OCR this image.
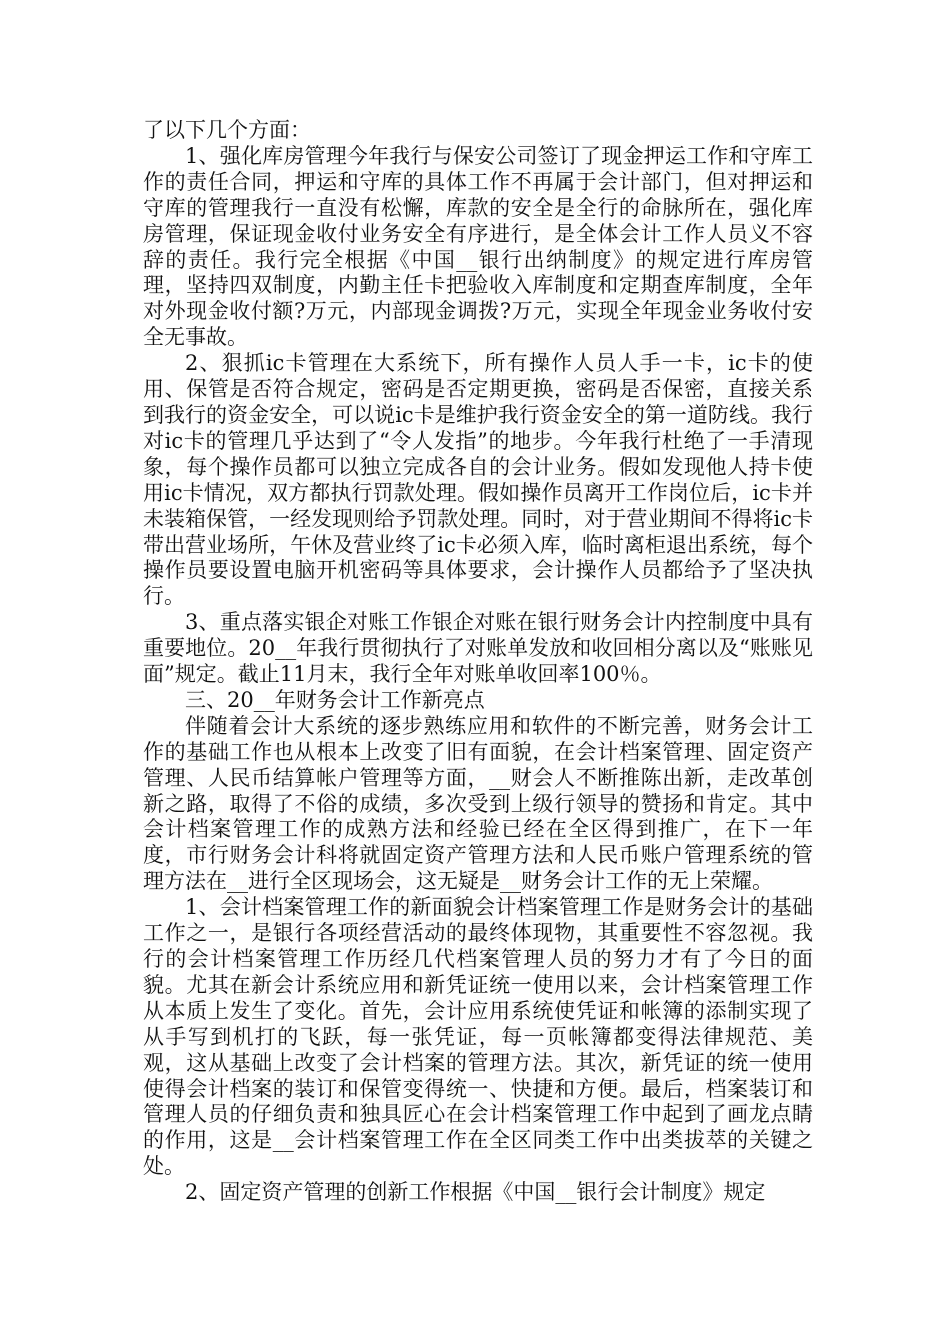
了以下几个方面：

1、强化库房管理今年我行与保安公司签订了现金押运工作和守库工作的责任合同，押运和守库的具体工作不再属于会计部门，但对押运和守库的管理我行一直没有松懈，库款的安全是全行的命脉所在，强化库房管理，保证现金收付业务安全有序进行，是全体会计工作人员义不容辞的责任。我行完全根据《中国__银行出纳制度》的规定进行库房管理，坚持四双制度，内勤主任卡把验收入库制度和定期查库制度，全年对外现金收付额?万元，内部现金调拨?万元，实现全年现金业务收付安全无事故。

2、狠抓ic卡管理在大系统下，所有操作人员人手一卡，ic卡的使用、保管是否符合规定，密码是否定期更换，密码是否保密，直接关系到我行的资金安全，可以说ic卡是维护我行资金安全的第一道防线。我行对ic卡的管理几乎达到了“令人发指”的地步。今年我行杜绝了一手清现象，每个操作员都可以独立完成各自的会计业务。假如发现他人持卡使用ic卡情况，双方都执行罚款处理。假如操作员离开工作岗位后，ic卡并未装箱保管，一经发现则给予罚款处理。同时，对于营业期间不得将ic卡带出营业场所，午休及营业终了ic卡必须入库，临时离柜退出系统，每个操作员要设置电脑开机密码等具体要求，会计操作人员都给予了坚决执行。

3、重点落实银企对账工作银企对账在银行财务会计内控制度中具有重要地位。20__年我行贯彻执行了对账单发放和收回相分离以及“账账见面”规定。截止11月末，我行全年对账单收回率100％。

三、20__年财务会计工作新亮点

伴随着会计大系统的逐步熟练应用和软件的不断完善，财务会计工作的基础工作也从根本上改变了旧有面貌，在会计档案管理、固定资产管理、人民币结算帐户管理等方面，__财会人不断推陈出新，走改革创新之路，取得了不俗的成绩，多次受到上级行领导的赞扬和肯定。其中会计档案管理工作的成熟方法和经验已经在全区得到推广，在下一年度，市行财务会计科将就固定资产管理方法和人民币账户管理系统的管理方法在__进行全区现场会，这无疑是__财务会计工作的无上荣耀。

1、会计档案管理工作的新面貌会计档案管理工作是财务会计的基础工作之一，是银行各项经营活动的最终体现物，其重要性不容忽视。我行的会计档案管理工作历经几代档案管理人员的努力才有了今日的面貌。尤其在新会计系统应用和新凭证统一使用以来，会计档案管理工作从本质上发生了变化。首先，会计应用系统使凭证和帐簿的添制实现了从手写到机打的飞跃，每一张凭证，每一页帐簿都变得法律规范、美观，这从基础上改变了会计档案的管理方法。其次，新凭证的统一使用使得会计档案的装订和保管变得统一、快捷和方便。最后，档案装订和管理人员的仔细负责和独具匠心在会计档案管理工作中起到了画龙点睛的作用，这是__会计档案管理工作在全区同类工作中出类拔萃的关键之处。

2、固定资产管理的创新工作根据《中国__银行会计制度》规定
